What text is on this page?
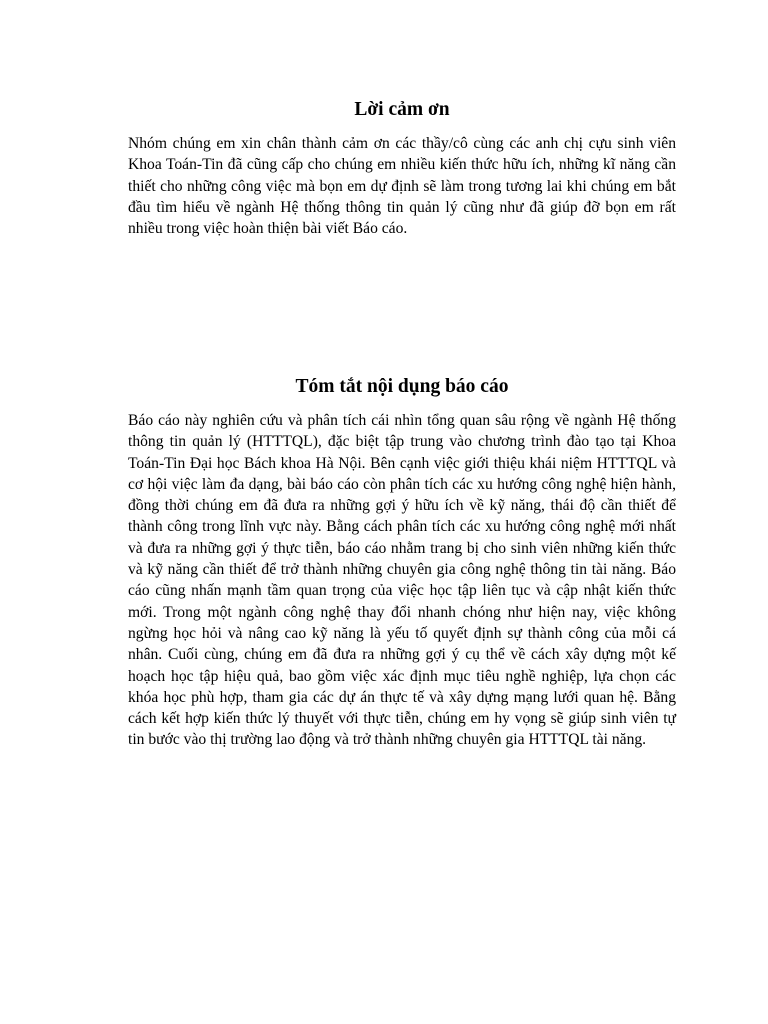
Lời cảm ơn

Nhóm chúng em xin chân thành cảm ơn các thầy/cô cùng các anh chị cựu sinh viên Khoa Toán-Tin đã cũng cấp cho chúng em nhiều kiến thức hữu ích, những kĩ năng cần thiết cho những công việc mà bọn em dự định sẽ làm trong tương lai khi chúng em bắt đầu tìm hiểu về ngành Hệ thống thông tin quản lý cũng như đã giúp đỡ bọn em rất nhiều trong việc hoàn thiện bài viết Báo cáo.

Tóm tắt nội dụng báo cáo

Báo cáo này nghiên cứu và phân tích cái nhìn tổng quan sâu rộng về ngành Hệ thống thông tin quản lý (HTTTQL), đặc biệt tập trung vào chương trình đào tạo tại Khoa Toán-Tin Đại học Bách khoa Hà Nội. Bên cạnh việc giới thiệu khái niệm HTTTQL và cơ hội việc làm đa dạng, bài báo cáo còn phân tích các xu hướng công nghệ hiện hành, đồng thời chúng em đã đưa ra những gợi ý hữu ích về kỹ năng, thái độ cần thiết để thành công trong lĩnh vực này. Bằng cách phân tích các xu hướng công nghệ mới nhất và đưa ra những gợi ý thực tiễn, báo cáo nhằm trang bị cho sinh viên những kiến thức và kỹ năng cần thiết để trở thành những chuyên gia công nghệ thông tin tài năng. Báo cáo cũng nhấn mạnh tầm quan trọng của việc học tập liên tục và cập nhật kiến thức mới. Trong một ngành công nghệ thay đổi nhanh chóng như hiện nay, việc không ngừng học hỏi và nâng cao kỹ năng là yếu tố quyết định sự thành công của mỗi cá nhân. Cuối cùng, chúng em đã đưa ra những gợi ý cụ thể về cách xây dựng một kế hoạch học tập hiệu quả, bao gồm việc xác định mục tiêu nghề nghiệp, lựa chọn các khóa học phù hợp, tham gia các dự án thực tế và xây dựng mạng lưới quan hệ. Bằng cách kết hợp kiến thức lý thuyết với thực tiễn, chúng em hy vọng sẽ giúp sinh viên tự tin bước vào thị trường lao động và trở thành những chuyên gia HTTTQL tài năng.
